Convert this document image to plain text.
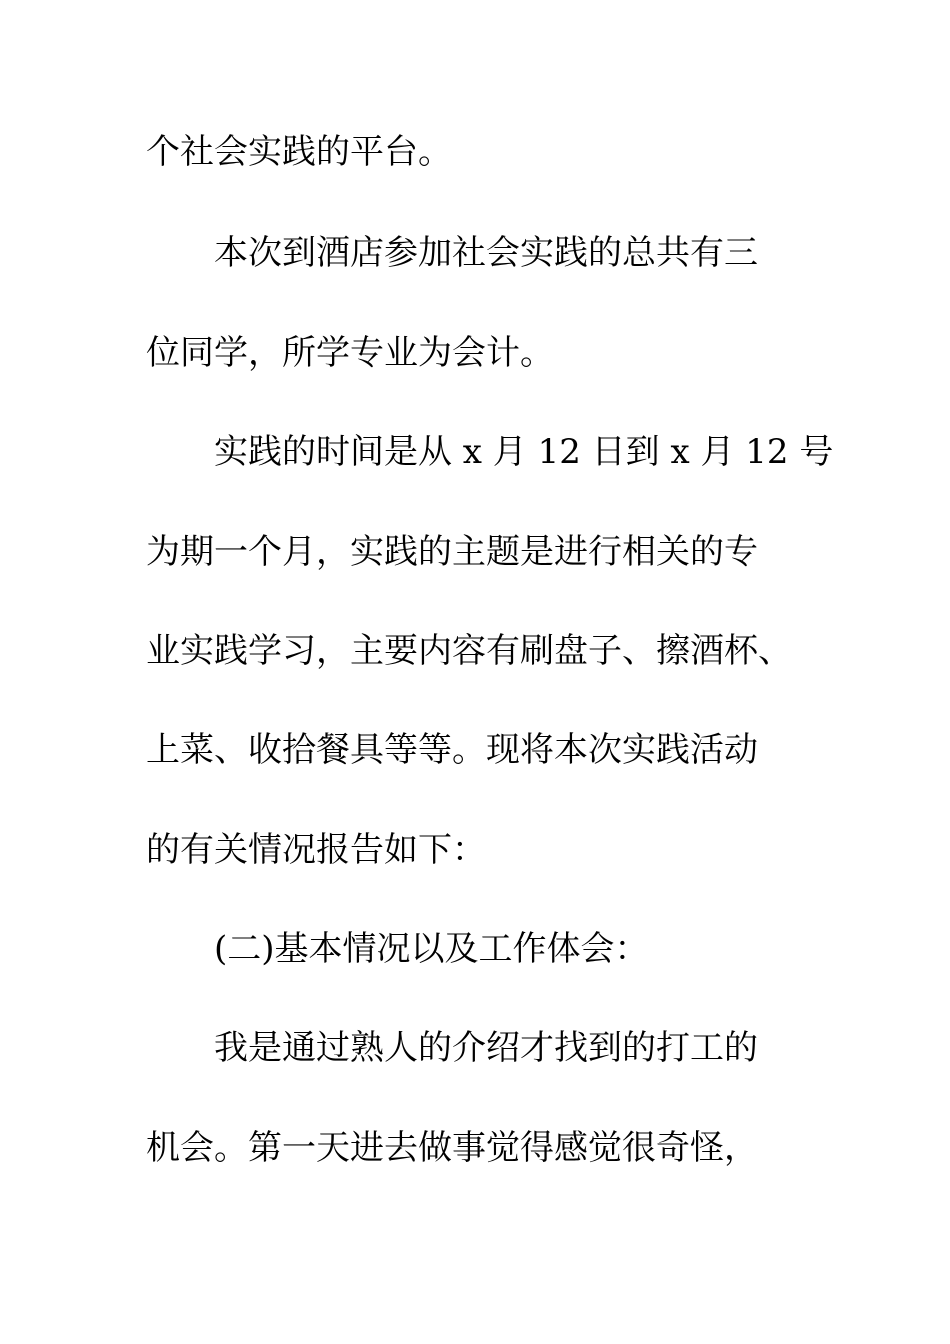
个社会实践的平台。
本次到酒店参加社会实践的总共有三
位同学，所学专业为会计。
实践的时间是从 x 月 12 日到 x 月 12 号
为期一个月，实践的主题是进行相关的专
业实践学习，主要内容有刷盘子、擦酒杯、
上菜、收拾餐具等等。现将本次实践活动
的有关情况报告如下：
(二)基本情况以及工作体会：
我是通过熟人的介绍才找到的打工的
机会。第一天进去做事觉得感觉很奇怪，
